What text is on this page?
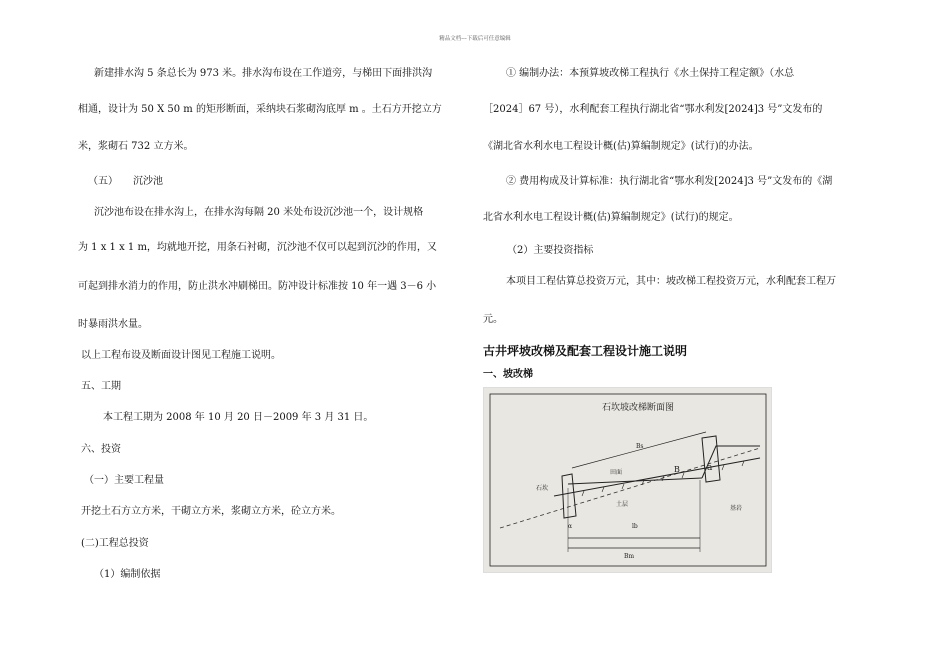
精品文档---下载后可任意编辑
新建排水沟 5 条总长为 973 米。排水沟布设在工作道旁，与梯田下面排洪沟
相通，设计为 50 X 50 m 的矩形断面，采纳块石浆砌沟底厚 m 。土石方开挖立方
米，浆砌石 732 立方米。
（五）　　沉沙池
沉沙池布设在排水沟上，在排水沟每隔 20 米处布设沉沙池一个，设计规格
为 1 x 1 x 1 m，均就地开挖，用条石衬砌，沉沙池不仅可以起到沉沙的作用，又
可起到排水消力的作用，防止洪水冲刷梯田。防冲设计标准按 10 年一遇 3－6 小
时暴雨洪水量。
以上工程布设及断面设计图见工程施工说明。
五、工期
本工程工期为 2008 年 10 月 20 日－2009 年 3 月 31 日。
六、投资
（一）主要工程量
开挖土石方立方米，干砌立方米，浆砌立方米，砼立方米。
(二)工程总投资
（1）编制依据
① 编制办法：本预算坡改梯工程执行《水土保持工程定额》（水总
［2024］67 号），水利配套工程执行湖北省“鄂水利发[2024]3 号”文发布的
《湖北省水利水电工程设计概(估)算编制规定》(试行)的办法。
② 费用构成及计算标准：执行湖北省“鄂水利发[2024]3 号”文发布的《湖
北省水利水电工程设计概(估)算编制规定》(试行)的规定。
（2）主要投资指标
本项目工程估算总投资万元，其中：坡改梯工程投资万元，水利配套工程万
元。
古井坪坡改梯及配套工程设计施工说明
一、坡改梯
石坎坡改梯断面图
Bs
田面	B	a
石坎
土层
lb
基岩
Bm
α
